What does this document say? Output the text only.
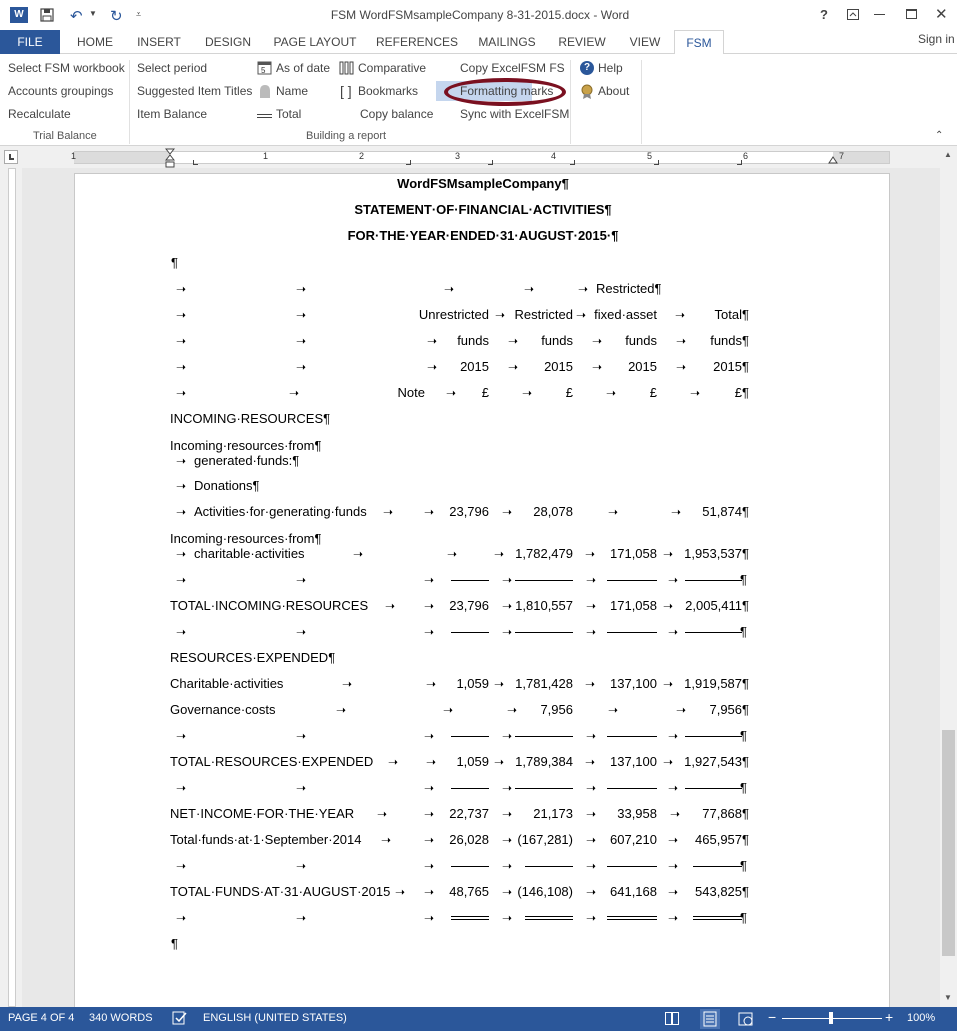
W	↶ ▼ ↻ ⩡	FSM WordFSMsampleCompany 8-31-2015.docx - Word	?	✕
FILE	HOME	INSERT	DESIGN	PAGE LAYOUT	REFERENCES	MAILINGS	REVIEW	VIEW	FSM	Sign in
Select FSM workbook
Accounts groupings
Recalculate
Trial Balance
Select period
Suggested Item Titles
Item Balance
5 As of date
Name
Total
Comparative
[ ] Bookmarks
Copy balance
Copy ExcelFSM FS
Formatting marks
Sync with ExcelFSM
Building a report
? Help
About
⌃
1	1	2	3	4	5	6	7	▲
▼
WordFSMsampleCompany¶
STATEMENT·OF·FINANCIAL·ACTIVITIES¶
FOR·THE·YEAR·ENDED·31·AUGUST·2015·¶
¶
➝	➝	➝	➝	➝ Restricted¶
➝	➝	Unrestricted ➝ Restricted ➝ fixed·asset ➝	Total¶
➝	➝	➝	funds ➝	funds ➝	funds ➝	funds¶
➝	➝	➝	2015 ➝	2015 ➝	2015 ➝	2015¶
➝	➝	Note ➝	£	➝	£	➝	£	➝	£¶
INCOMING·RESOURCES¶
Incoming·resources·from¶
➝ generated·funds:¶
➝ Donations¶
➝ Activities·for·generating·funds ➝	➝	23,796 ➝	28,078	➝	➝	51,874¶
Incoming·resources·from¶
➝ charitable·activities	➝	➝	➝ 1,782,479 ➝	171,058 ➝ 1,953,537¶
➝	➝	➝	➝	➝	➝	¶
TOTAL·INCOMING·RESOURCES ➝ ➝	23,796 ➝ 1,810,557 ➝	171,058 ➝ 2,005,411¶
➝	➝	➝	➝	➝	➝	¶
RESOURCES·EXPENDED¶
Charitable·activities	➝	➝	1,059 ➝ 1,781,428 ➝	137,100 ➝ 1,919,587¶
Governance·costs	➝	➝	➝	7,956	➝	➝	7,956¶
➝	➝	➝	➝	➝	➝	¶
TOTAL·RESOURCES·EXPENDED ➝ ➝	1,059 ➝ 1,789,384 ➝	137,100 ➝ 1,927,543¶
➝	➝	➝	➝	➝	➝	¶
NET·INCOME·FOR·THE·YEAR ➝	➝	22,737 ➝	21,173 ➝	33,958 ➝	77,868¶
Total·funds·at·1·September·2014 ➝	➝	26,028 ➝ (167,281) ➝	607,210 ➝	465,957¶
➝	➝	➝	➝	➝	➝	¶
TOTAL·FUNDS·AT·31·AUGUST·2015 ➝ ➝	48,765 ➝ (146,108) ➝	641,168 ➝	543,825¶
➝	➝	➝	➝	➝	➝	¶
¶
PAGE 4 OF 4 340 WORDS	ENGLISH (UNITED STATES)	−	+ 100%
